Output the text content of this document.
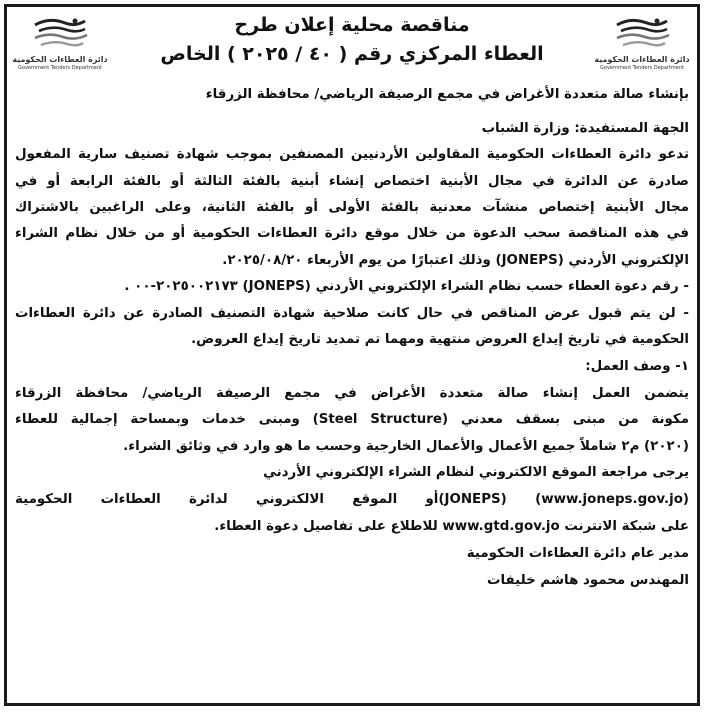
دائرة العطاءات الحكومية
Government Tenders Department
مناقصة محلية إعلان طرح
العطاء المركزي رقم ( ٤٠ / ٢٠٢٥ ) الخاص
دائرة العطاءات الحكومية
Government Tenders Department
بإنشاء صالة متعددة الأغراض في مجمع الرصيفة الرياضي/ محافظة الزرقاء
الجهة المستفيدة: وزارة الشباب
تدعو دائرة العطاءات الحكومية المقاولين الأردنيين المصنفين بموجب شهادة تصنيف سارية المفعول
صادرة عن الدائرة في مجال الأبنية اختصاص إنشاء أبنية بالفئة الثالثة أو بالفئة الرابعة أو في
مجال الأبنية إختصاص منشآت معدنية بالفئة الأولى أو بالفئة الثانية، وعلى الراغبين بالاشتراك
في هذه المناقصة سحب الدعوة من خلال موقع دائرة العطاءات الحكومية أو من خلال نظام الشراء
الإلكتروني الأردني (JONEPS) وذلك اعتبارًا من يوم الأربعاء ٢٠٢٥/٠٨/٢٠.
- رقم دعوة العطاء حسب نظام الشراء الإلكتروني الأردني (JONEPS) ٢٠٢٥٠٠٢١٧٣-٠٠ .
- لن يتم قبول عرض المناقص في حال كانت صلاحية شهادة التصنيف الصادرة عن دائرة العطاءات
الحكومية في تاريخ إيداع العروض منتهية ومهما تم تمديد تاريخ إيداع العروض.
١- وصف العمل:
يتضمن العمل إنشاء صالة متعددة الأغراض في مجمع الرصيفة الرياضي/ محافظة الزرقاء
مكونة من مبنى بسقف معدني (Steel Structure) ومبنى خدمات وبمساحة إجمالية للعطاء
(٢٠٢٠) م٢ شاملاً جميع الأعمال والأعمال الخارجية وحسب ما هو وارد في وثائق الشراء.
يرجى مراجعة الموقع الالكتروني لنظام الشراء الإلكتروني الأردني
(www.joneps.gov.jo) (JONEPS)أو الموقع الالكتروني لدائرة العطاءات الحكومية
على شبكة الانترنت www.gtd.gov.jo للاطلاع على تفاصيل دعوة العطاء.
مدير عام دائرة العطاءات الحكومية
المهندس محمود هاشم خليفات
